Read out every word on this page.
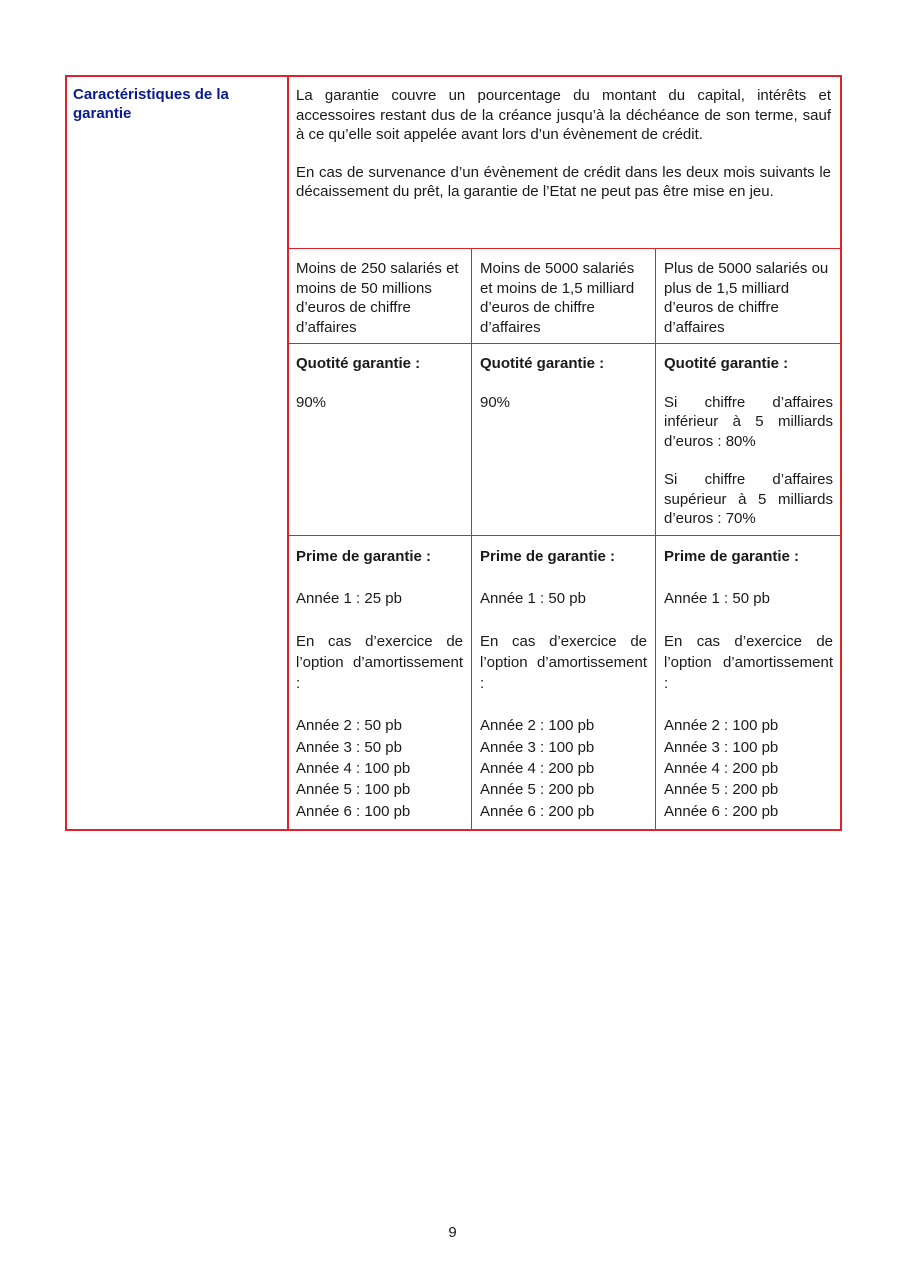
Caractéristiques de la garantie

La garantie couvre un pourcentage du montant du capital, intérêts et accessoires restant dus de la créance jusqu’à la déchéance de son terme, sauf à ce qu’elle soit appelée avant lors d’un évènement de crédit.

En cas de survenance d’un évènement de crédit dans les deux mois suivants le décaissement du prêt, la garantie de l’Etat ne peut pas être mise en jeu.

Moins de 250 salariés et moins de 50 millions d’euros de chiffre d’affaires
Moins de 5000 salariés et moins de 1,5 milliard d’euros de chiffre d’affaires
Plus de 5000 salariés ou plus de 1,5 milliard d’euros de chiffre d’affaires
Quotité garantie :
90%
Quotité garantie :
90%
Quotité garantie :
Si chiffre d’affaires inférieur à 5 milliards d’euros : 80%
Si chiffre d’affaires supérieur à 5 milliards d’euros : 70%
Prime de garantie :
Année 1 : 25 pb
En cas d’exercice de l’option d’amortissement :
Année 2 : 50 pb
Année 3 : 50 pb
Année 4 : 100 pb
Année 5 : 100 pb
Année 6 : 100 pb
Prime de garantie :
Année 1 : 50 pb
En cas d’exercice de l’option d’amortissement :
Année 2 : 100 pb
Année 3 : 100 pb
Année 4 : 200 pb
Année 5 : 200 pb
Année 6 : 200 pb
Prime de garantie :
Année 1 : 50 pb
En cas d’exercice de l’option d’amortissement :
Année 2 : 100 pb
Année 3 : 100 pb
Année 4 : 200 pb
Année 5 : 200 pb
Année 6 : 200 pb
9
